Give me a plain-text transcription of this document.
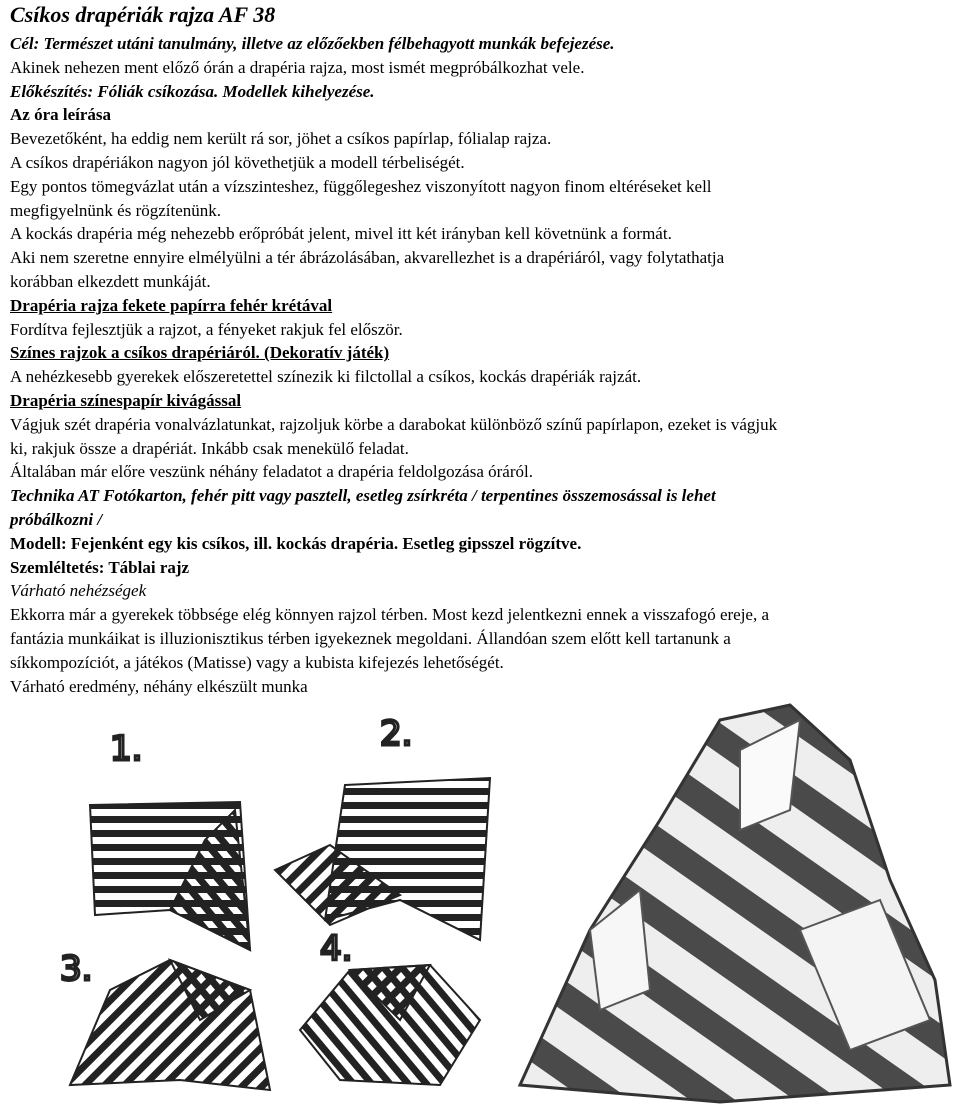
Csíkos drapériák rajza AF 38
Cél: Természet utáni tanulmány, illetve az előzőekben félbehagyott munkák befejezése.
Akinek nehezen ment előző órán a drapéria rajza, most ismét megpróbálkozhat vele.
Előkészítés: Fóliák csíkozása. Modellek kihelyezése.
Az óra leírása
Bevezetőként, ha eddig nem került rá sor, jöhet a csíkos papírlap, fólialap rajza.
A csíkos drapériákon nagyon jól követhetjük a modell térbeliségét.
Egy pontos tömegvázlat után a vízszinteshez, függőlegeshez viszonyított nagyon finom eltéréseket kell
megfigyelnünk és rögzítenünk.
A kockás drapéria még nehezebb erőpróbát jelent, mivel itt két irányban kell követnünk a formát.
Aki nem szeretne ennyire elmélyülni a tér ábrázolásában, akvarellezhet is a drapériáról, vagy folytathatja
korábban elkezdett munkáját.
Drapéria rajza fekete papírra fehér krétával
Fordítva fejlesztjük a rajzot, a fényeket rakjuk fel először.
Színes rajzok a csíkos drapériáról. (Dekoratív játék)
A nehézkesebb gyerekek előszeretettel színezik ki filctollal a csíkos, kockás drapériák rajzát.
Drapéria színespapír kivágással
Vágjuk szét drapéria vonalvázlatunkat, rajzoljuk körbe a darabokat különböző színű papírlapon, ezeket is vágjuk
ki, rakjuk össze a drapériát. Inkább csak menekülő feladat.
Általában már előre veszünk néhány feladatot a drapéria feldolgozása óráról.
Technika AT Fotókarton, fehér pitt vagy pasztell, esetleg zsírkréta / terpentines összemosással is lehet
próbálkozni /
Modell: Fejenként egy kis csíkos, ill. kockás drapéria. Esetleg gipsszel rögzítve.
Szemléltetés: Táblai rajz
Várható nehézségek
Ekkorra már a gyerekek többsége elég könnyen rajzol térben. Most kezd jelentkezni ennek a visszafogó ereje, a
fantázia munkáikat is illuzionisztikus térben igyekeznek megoldani. Állandóan szem előtt kell tartanunk a
síkkompozíciót, a játékos (Matisse) vagy a kubista kifejezés lehetőségét.
Várható eredmény, néhány elkészült munka
1.	2.
3.	4.
